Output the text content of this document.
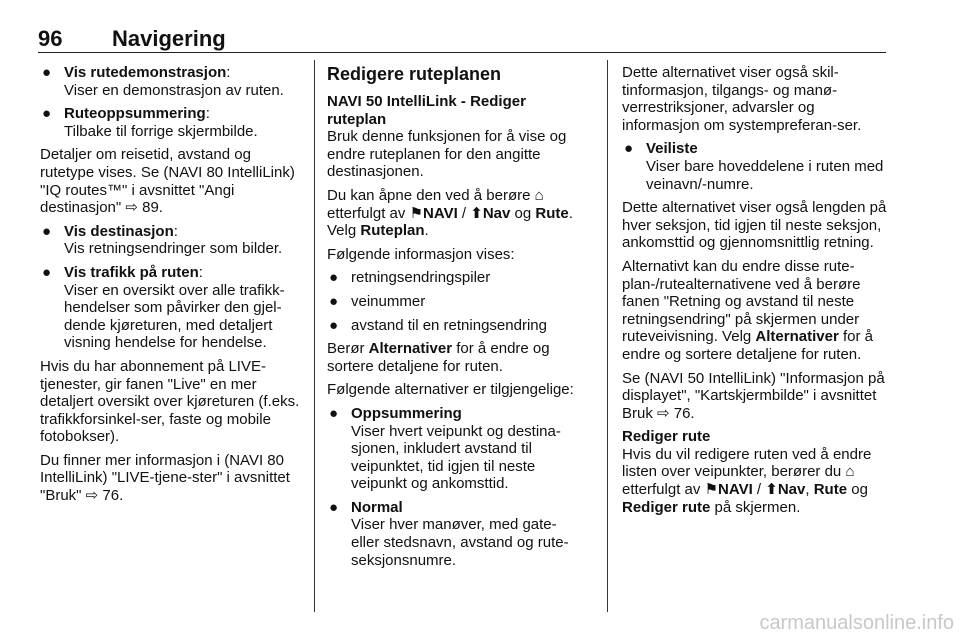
96 Navigering
● Vis rutedemonstrasjon:
Viser en demonstrasjon av ruten.
● Ruteoppsummering:
Tilbake til forrige skjermbilde.

Detaljer om reisetid, avstand og rutetype vises. Se (NAVI 80 IntelliLink) "IQ routes™" i avsnittet "Angi destinasjon" ⇨ 89.

● Vis destinasjon:
Vis retningsendringer som bilder.
● Vis trafikk på ruten:
Viser en oversikt over alle trafikk-hendelser som påvirker den gjel-dende kjøreturen, med detaljert visning hendelse for hendelse.

Hvis du har abonnement på LIVE-tjenester, gir fanen "Live" en mer detaljert oversikt over kjøreturen (f.eks. trafikkforsinkel-ser, faste og mobile fotobokser).

Du finner mer informasjon i (NAVI 80 IntelliLink) "LIVE-tjene-ster" i avsnittet "Bruk" ⇨ 76.

Redigere ruteplanen

NAVI 50 IntelliLink - Rediger ruteplan

Bruk denne funksjonen for å vise og endre ruteplanen for den angitte destinasjonen.

Du kan åpne den ved å berøre ⌂
etterfulgt av ⚑NAVI / ⬆Nav og Rute. Velg Ruteplan.

Følgende informasjon vises:

● retningsendringspiler
● veinummer
● avstand til en retningsendring

Berør Alternativer for å endre og sortere detaljene for ruten.

Følgende alternativer er tilgjengelige:

● Oppsummering
Viser hvert veipunkt og destina-sjonen, inkludert avstand til veipunktet, tid igjen til neste veipunkt og ankomsttid.
● Normal
Viser hver manøver, med gate- eller stedsnavn, avstand og rute-seksjonsnumre.

Dette alternativet viser også skil-tinformasjon, tilgangs- og manø-verrestriksjoner, advarsler og informasjon om systempreferan-ser.

● Veiliste
Viser bare hoveddelene i ruten med veinavn/-numre.

Dette alternativet viser også lengden på hver seksjon, tid igjen til neste seksjon, ankomsttid og gjennomsnittlig retning.

Alternativt kan du endre disse rute-plan-/rutealternativene ved å berøre fanen "Retning og avstand til neste retningsendring" på skjermen under ruteveivisning. Velg Alternativer for å endre og sortere detaljene for ruten.

Se (NAVI 50 IntelliLink) "Informasjon på displayet", "Kartskjermbilde" i avsnittet Bruk ⇨ 76.

Rediger rute

Hvis du vil redigere ruten ved å endre listen over veipunkter, berører du ⌂
etterfulgt av ⚑NAVI / ⬆Nav, Rute og Rediger rute på skjermen.

carmanualsonline.info
